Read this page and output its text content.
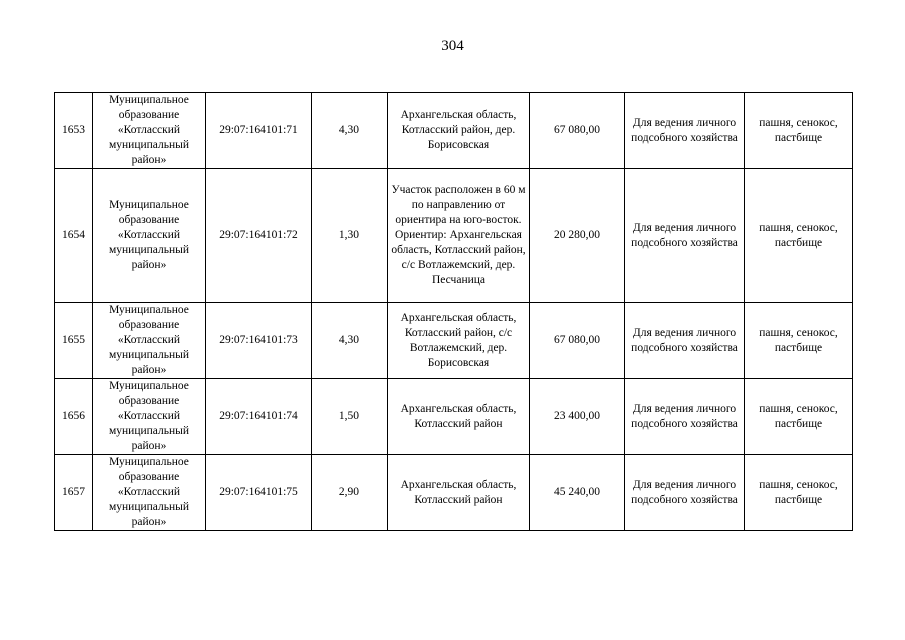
304
1653	Муниципальное образование «Котласский муниципальный район»	29:07:164101:71	4,30	Архангельская область, Котласский район, дер. Борисовская	67 080,00	Для ведения личного подсобного хозяйства	пашня, сенокос, пастбище
1654	Муниципальное образование «Котласский муниципальный район»	29:07:164101:72	1,30	Участок расположен в 60 м по направлению от ориентира на юго-восток. Ориентир: Архангельская область, Котласский район, с/с Вотлажемский, дер. Песчаница	20 280,00	Для ведения личного подсобного хозяйства	пашня, сенокос, пастбище
1655	Муниципальное образование «Котласский муниципальный район»	29:07:164101:73	4,30	Архангельская область, Котласский район, с/с Вотлажемский, дер. Борисовская	67 080,00	Для ведения личного подсобного хозяйства	пашня, сенокос, пастбище
1656	Муниципальное образование «Котласский муниципальный район»	29:07:164101:74	1,50	Архангельская область, Котласский район	23 400,00	Для ведения личного подсобного хозяйства	пашня, сенокос, пастбище
1657	Муниципальное образование «Котласский муниципальный район»	29:07:164101:75	2,90	Архангельская область, Котласский район	45 240,00	Для ведения личного подсобного хозяйства	пашня, сенокос, пастбище
